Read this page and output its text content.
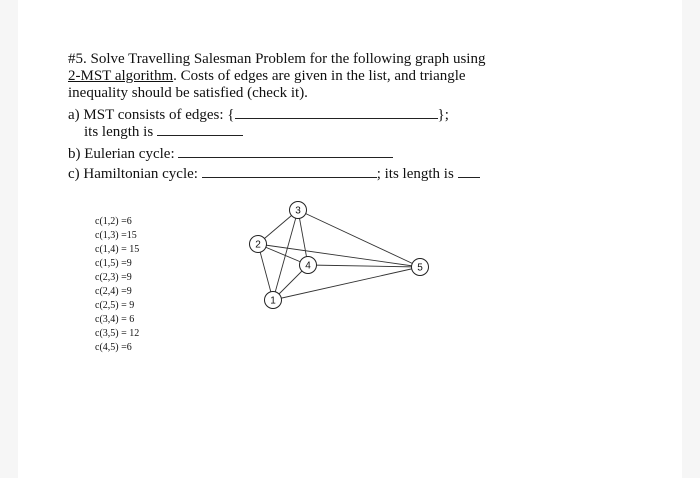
#5. Solve Travelling Salesman Problem for the following graph using
2-MST algorithm. Costs of edges are given in the list, and triangle
inequality should be satisfied (check it).
a) MST consists of edges: {	};
its length is
b) Eulerian cycle:
c) Hamiltonian cycle:	; its length is
c(1,2) =6
c(1,3) =15
c(1,4) = 15
c(1,5) =9
c(2,3) =9
c(2,4) =9
c(2,5) = 9
c(3,4) = 6
c(3,5) = 12
c(4,5) =6
1
2
3
4	5
